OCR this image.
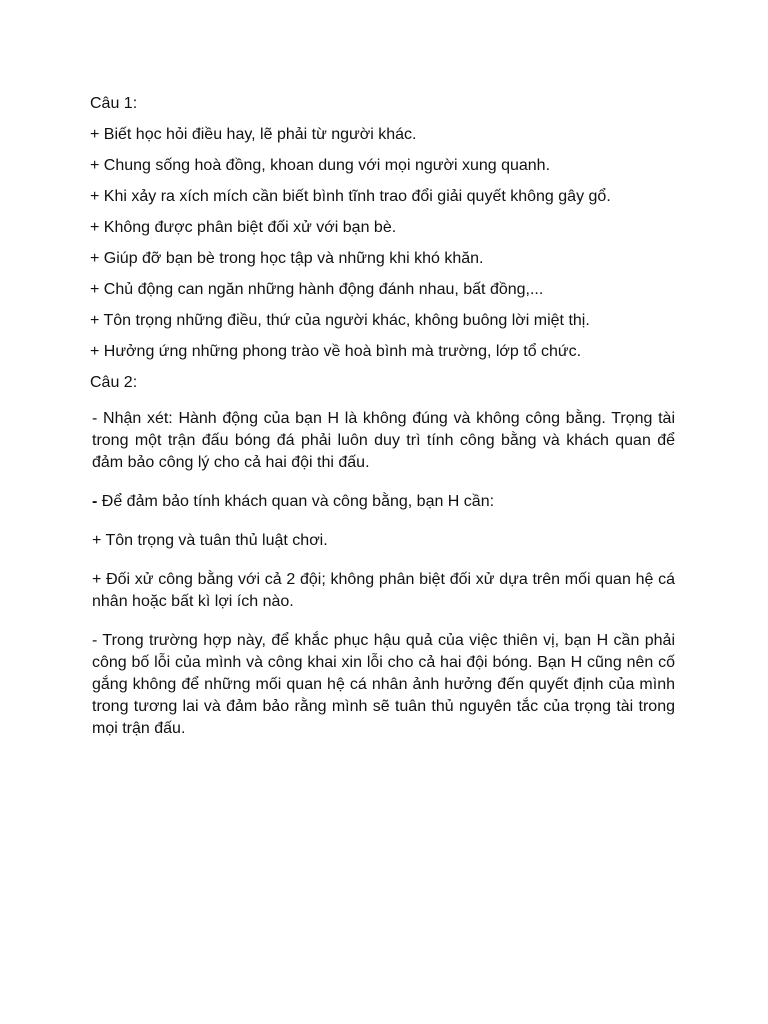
Câu 1:
+ Biết học hỏi điều hay, lẽ phải từ người khác.
+ Chung sống hoà đồng, khoan dung với mọi người xung quanh.
+ Khi xảy ra xích mích cần biết bình tĩnh trao đổi giải quyết không gây gổ.
+ Không được phân biệt đối xử với bạn bè.
+ Giúp đỡ bạn bè trong học tập và những khi khó khăn.
+ Chủ động can ngăn những hành động đánh nhau, bất đồng,...
+ Tôn trọng những điều, thứ của người khác, không buông lời miệt thị.
+ Hưởng ứng những phong trào về hoà bình mà trường, lớp tổ chức.
Câu 2:

- Nhận xét: Hành động của bạn H là không đúng và không công bằng. Trọng tài trong một trận đấu bóng đá phải luôn duy trì tính công bằng và khách quan để đảm bảo công lý cho cả hai đội thi đấu.

- Để đảm bảo tính khách quan và công bằng, bạn H cần:

+ Tôn trọng và tuân thủ luật chơi.

+ Đối xử công bằng với cả 2 đội; không phân biệt đối xử dựa trên mối quan hệ cá nhân hoặc bất kì lợi ích nào.

- Trong trường hợp này, để khắc phục hậu quả của việc thiên vị, bạn H cần phải công bố lỗi của mình và công khai xin lỗi cho cả hai đội bóng. Bạn H cũng nên cố gắng không để những mối quan hệ cá nhân ảnh hưởng đến quyết định của mình trong tương lai và đảm bảo rằng mình sẽ tuân thủ nguyên tắc của trọng tài trong mọi trận đấu.
